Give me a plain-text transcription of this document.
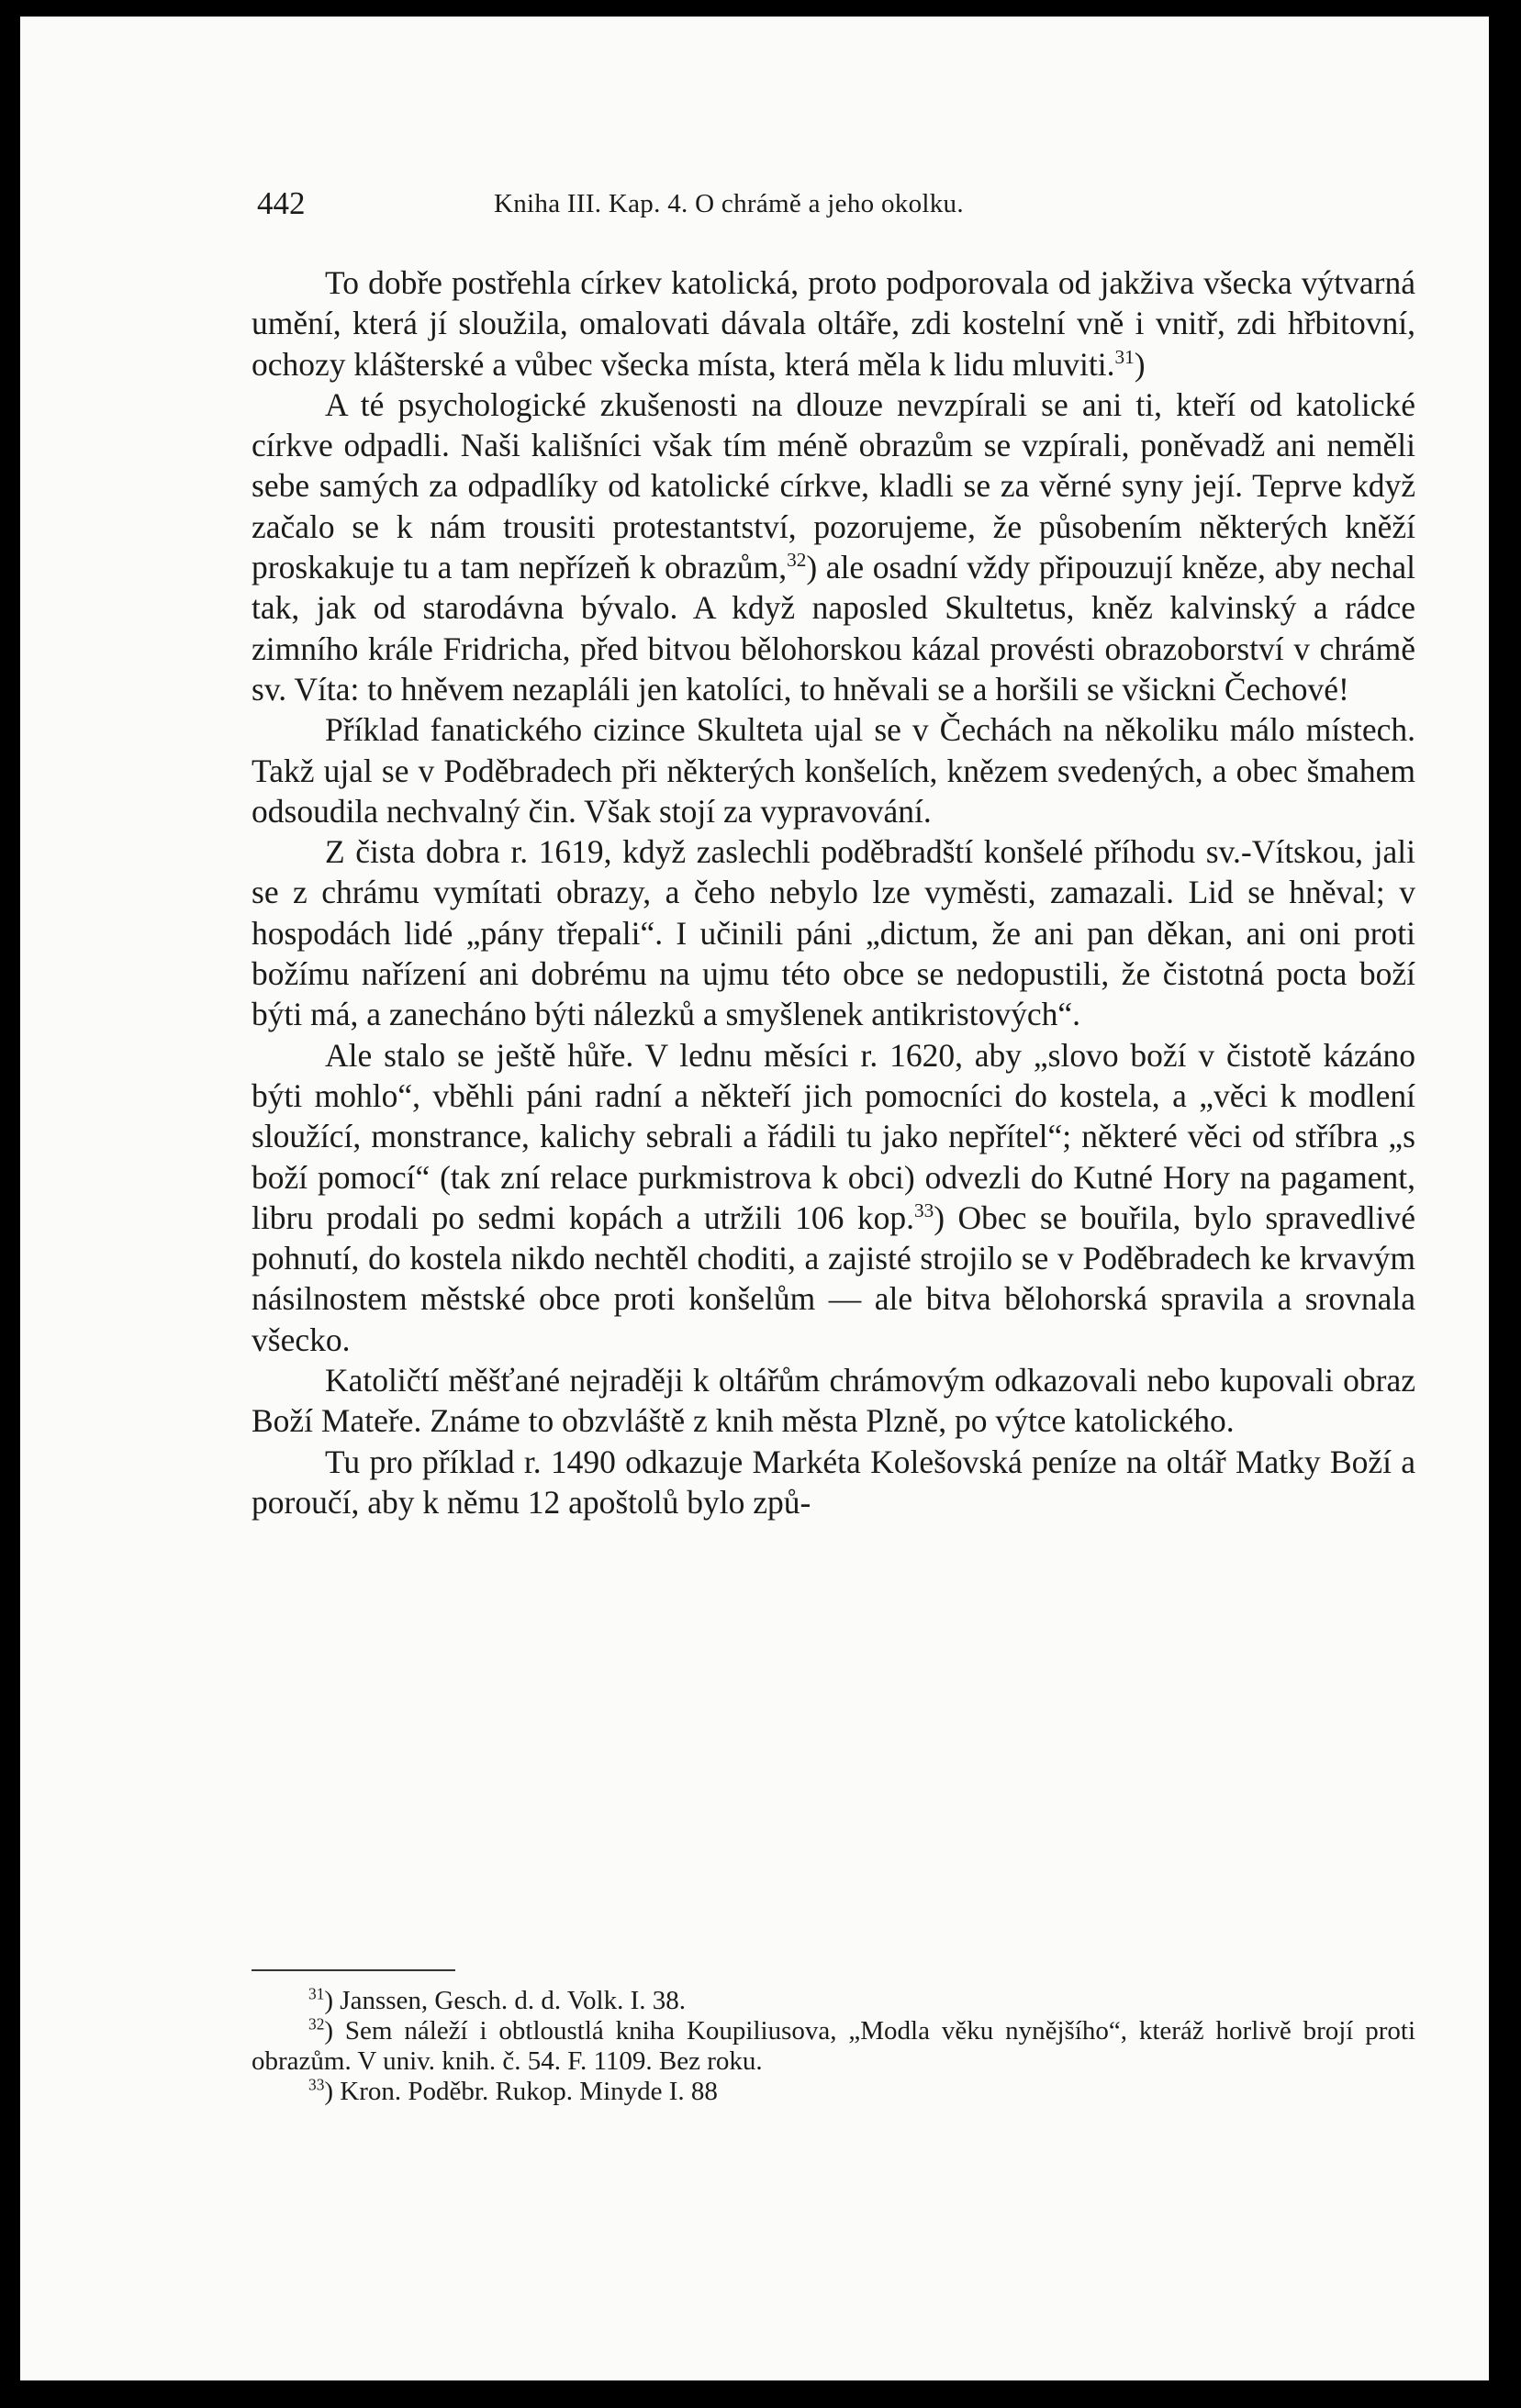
442	Kniha III. Kap. 4. O chrámě a jeho okolku.

To dobře postřehla církev katolická, proto podporovala od jakživa všecka výtvarná umění, která jí sloužila, omalovati dávala oltáře, zdi kostelní vně i vnitř, zdi hřbitovní, ochozy klášterské a vůbec všecka místa, která měla k lidu mluviti.$^{31}$)

A té psychologické zkušenosti na dlouze nevzpírali se ani ti, kteří od katolické církve odpadli. Naši kališníci však tím méně obrazům se vzpírali, poněvadž ani neměli sebe samých za odpadlíky od katolické církve, kladli se za věrné syny její. Teprve když začalo se k nám trousiti protestantství, pozorujeme, že působením některých kněží proskakuje tu a tam nepřízeň k obrazům,$^{32}$) ale osadní vždy připouzují kněze, aby nechal tak, jak od starodávna bývalo. A když naposled Skultetus, kněz kalvinský a rádce zimního krále Fridricha, před bitvou bělohorskou kázal provésti obrazoborství v chrámě sv. Víta: to hněvem nezapláli jen katolíci, to hněvali se a horšili se všickni Čechové!

Příklad fanatického cizince Skulteta ujal se v Čechách na několiku málo místech. Takž ujal se v Poděbradech při některých konšelích, knězem svedených, a obec šmahem odsoudila nechvalný čin. Však stojí za vypravování.

Z čista dobra r. 1619, když zaslechli poděbradští konšelé příhodu sv.-Vítskou, jali se z chrámu vymítati obrazy, a čeho nebylo lze vyměsti, zamazali. Lid se hněval; v hospodách lidé „pány třepali“. I učinili páni „dictum, že ani pan děkan, ani oni proti božímu nařízení ani dobrému na ujmu této obce se nedopustili, že čistotná pocta boží býti má, a zanecháno býti nálezků a smyšlenek antikristových“.

Ale stalo se ještě hůře. V lednu měsíci r. 1620, aby „slovo boží v čistotě kázáno býti mohlo“, vběhli páni radní a někteří jich pomocníci do kostela, a „věci k modlení sloužící, monstrance, kalichy sebrali a řádili tu jako nepřítel“; některé věci od stříbra „s boží pomocí“ (tak zní relace purkmistrova k obci) odvezli do Kutné Hory na pagament, libru prodali po sedmi kopách a utržili 106 kop.$^{33}$) Obec se bouřila, bylo spravedlivé pohnutí, do kostela nikdo nechtěl choditi, a zajisté strojilo se v Poděbradech ke krvavým násilnostem městské obce proti konšelům — ale bitva bělohorská spravila a srovnala všecko.

Katoličtí měšťané nejraději k oltářům chrámovým odkazovali nebo kupovali obraz Boží Mateře. Známe to obzvláště z knih města Plzně, po výtce katolického.

Tu pro příklad r. 1490 odkazuje Markéta Kolešovská peníze na oltář Matky Boží a poroučí, aby k němu 12 apoštolů bylo způ-

$^{31}$) Janssen, Gesch. d. d. Volk. I. 38.

$^{32}$) Sem náleží i obtloustlá kniha Koupiliusova, „Modla věku nynějšího“, kteráž horlivě brojí proti obrazům. V univ. knih. č. 54. F. 1109. Bez roku.

$^{33}$) Kron. Poděbr. Rukop. Minyde I. 88
